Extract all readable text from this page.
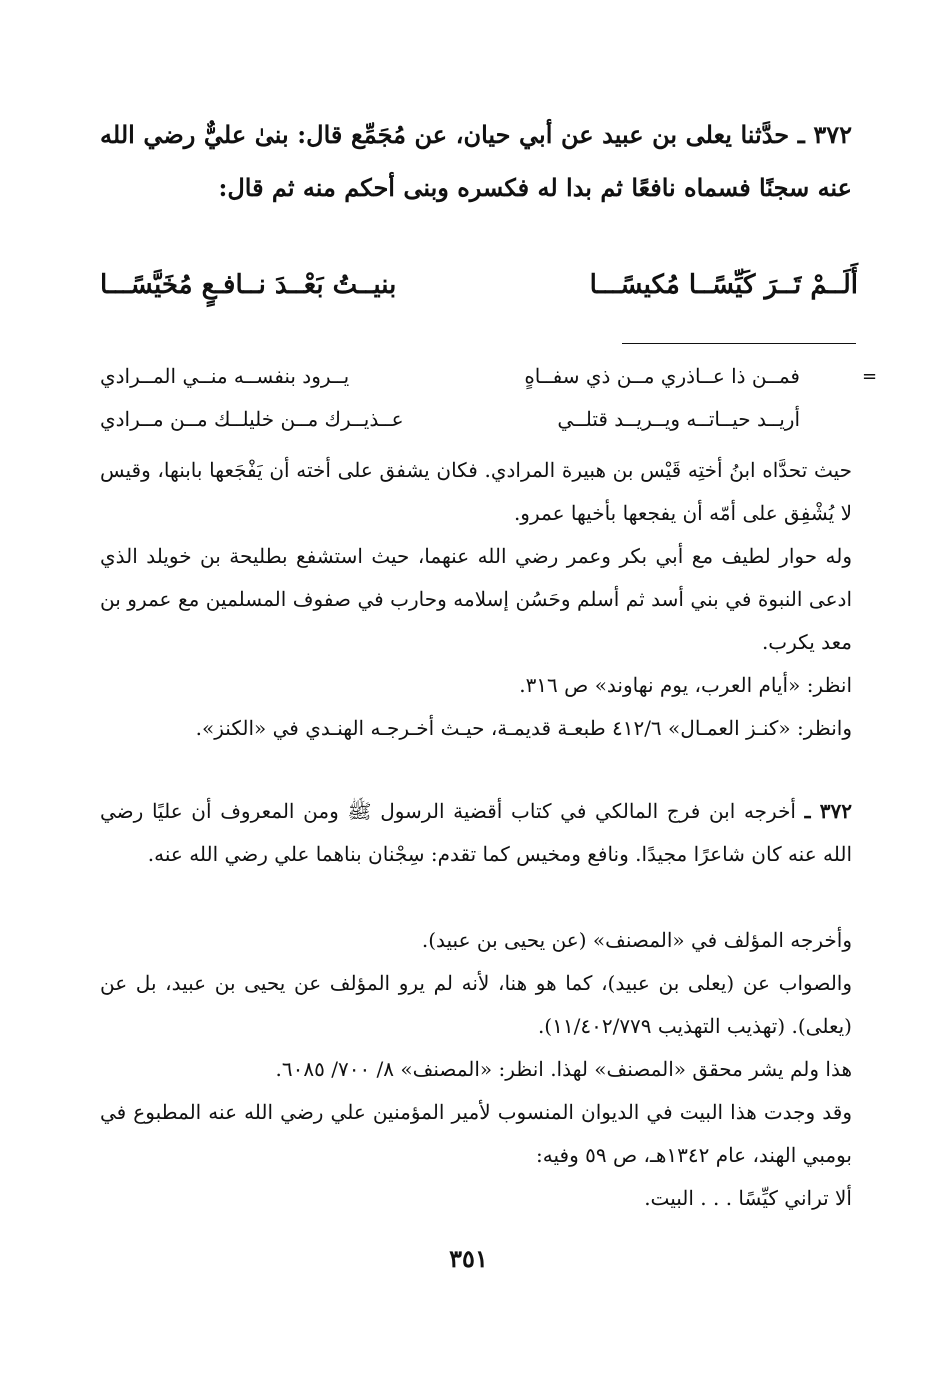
٣٧٢ ـ حدَّثنا يعلى بن عبيد عن أبي حيان، عن مُجَمِّع قال: بنىٰ عليٌّ رضي الله عنه سجنًا فسماه نافعًا ثم بدا له فكسره وبنى أحكم منه ثم قال:
أَلَــمْ تَــرَ كَيِّسًــا مُكيسًـــا
بنيــتُ بَعْــدَ نــافـعٍ مُخَيَّسًـــا
=
فمــن ذا عــاذري مــن ذي سفــاهٍ
يــرود بنفســه منــي المــرادي
أريــد حيــاتــه ويــريــد قتلــي
عــذيــرك مــن خليلــك مــن مــرادي
حيث تحدَّاه ابنُ أختِه قَيْس بن هبيرة المرادي. فكان يشفق على أخته أن يَفْجَعها بابنها، وقيس لا يُشْفِق على أمّه أن يفجعها بأخيها عمرو.
وله حوار لطيف مع أبي بكر وعمر رضي الله عنهما، حيث استشفع بطليحة بن خويلد الذي ادعى النبوة في بني أسد ثم أسلم وحَسُن إسلامه وحارب في صفوف المسلمين مع عمرو بن معد يكرب.
انظر: «أيام العرب، يوم نهاوند» ص ٣١٦.
وانظر: «كنـز العمـال» ٤١٢/٦ طبعـة قديمـة، حيـث أخـرجـه الهنـدي في «الكنز».
٣٧٢ ـ أخرجه ابن فرج المالكي في كتاب أقضية الرسول ﷺ ومن المعروف أن عليًا رضي الله عنه كان شاعرًا مجيدًا. ونافع ومخيس كما تقدم: سِجْنان بناهما علي رضي الله عنه.
وأخرجه المؤلف في «المصنف» (عن يحيى بن عبيد).
والصواب عن (يعلى بن عبيد)، كما هو هنا، لأنه لم يرو المؤلف عن يحيى بن عبيد، بل عن (يعلى). (تهذيب التهذيب ١١/٤٠٢/٧٧٩).
هذا ولم يشر محقق «المصنف» لهذا. انظر: «المصنف» ٨/ ٧٠٠/ ٦٠٨٥.
وقد وجدت هذا البيت في الديوان المنسوب لأمير المؤمنين علي رضي الله عنه المطبوع في بومبي الهند، عام ١٣٤٢هـ، ص ٥٩ وفيه:
ألا تراني كيِّسًا . . . البيت.
٣٥١
